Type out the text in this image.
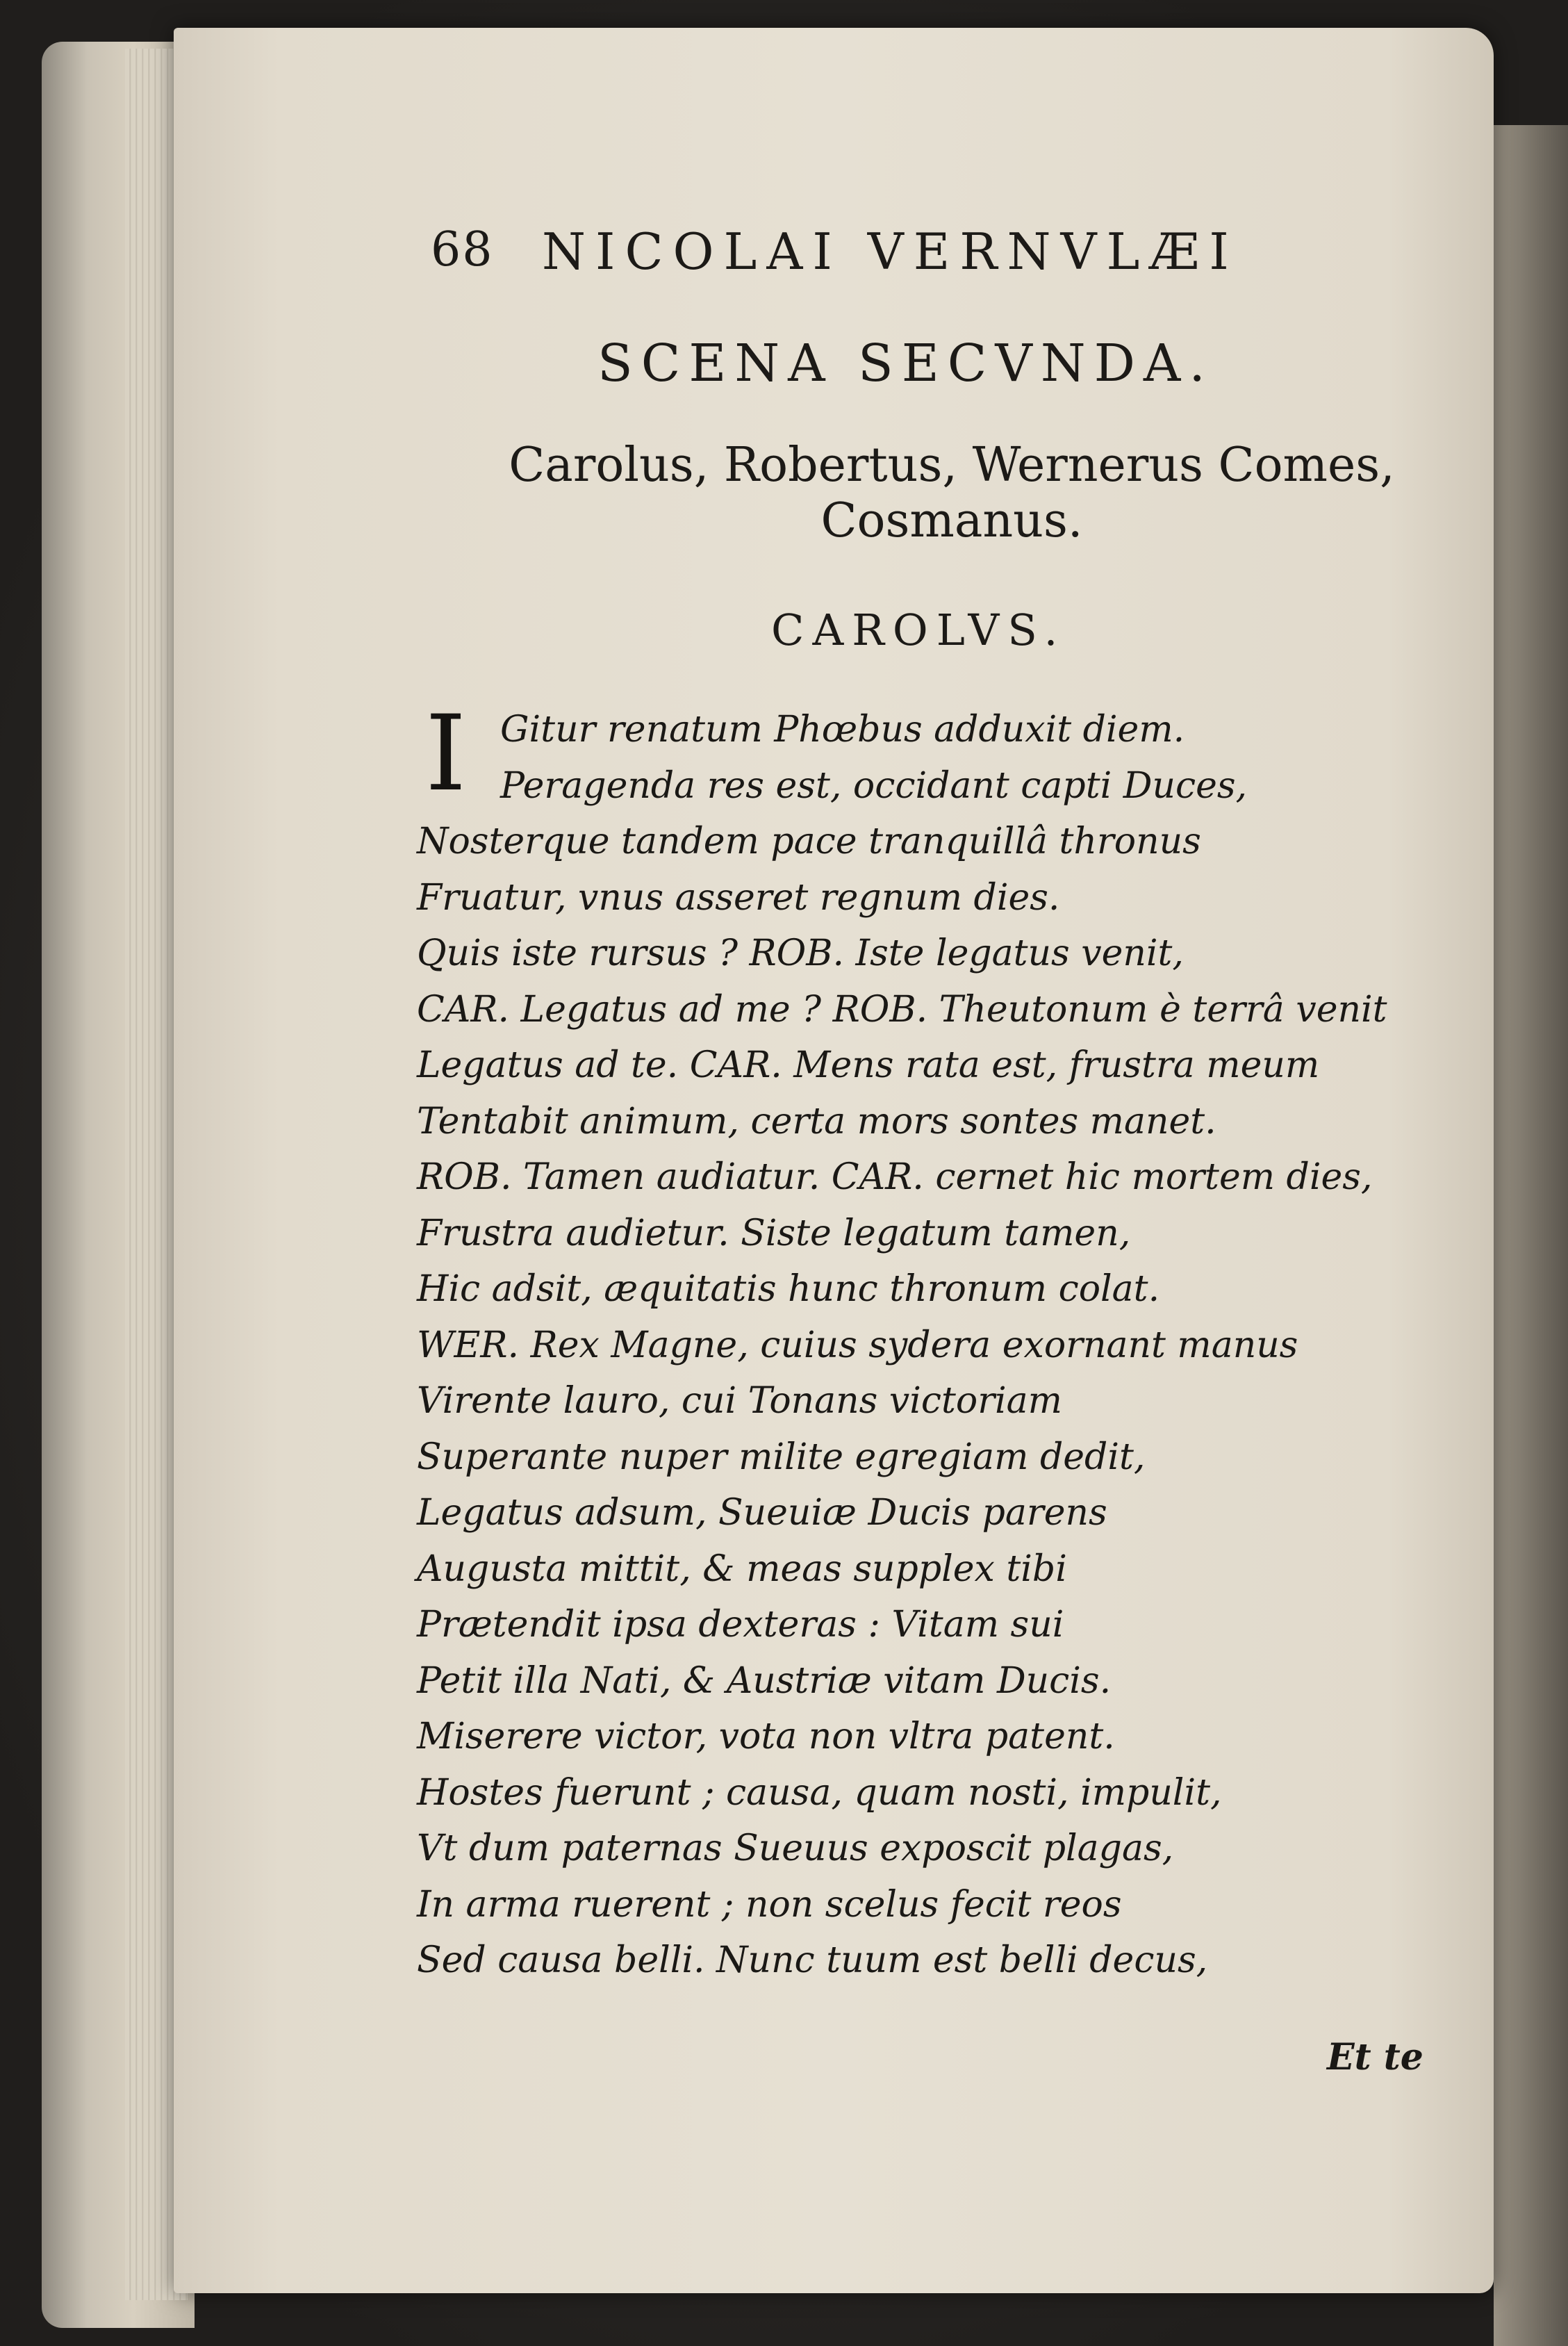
68 NICOLAI VERNVLÆI
SCENA SECVNDA.
Carolus, Robertus, Wernerus Comes,
Cosmanus.
CAROLVS.
I Gitur renatum Phœbus adduxit diem.
Peragenda res est, occidant capti Duces,
Nosterque tandem pace tranquillâ thronus
Fruatur, vnus asseret regnum dies.
Quis iste rursus ? ROB. Iste legatus venit,
CAR. Legatus ad me ? ROB. Theutonum è terrâ venit
Legatus ad te. CAR. Mens rata est, frustra meum
Tentabit animum, certa mors sontes manet.
ROB. Tamen audiatur. CAR. cernet hic mortem dies,
Frustra audietur. Siste legatum tamen,
Hic adsit, æquitatis hunc thronum colat.
WER. Rex Magne, cuius sydera exornant manus
Virente lauro, cui Tonans victoriam
Superante nuper milite egregiam dedit,
Legatus adsum, Sueuiæ Ducis parens
Augusta mittit, & meas supplex tibi
Prætendit ipsa dexteras : Vitam sui
Petit illa Nati, & Austriæ vitam Ducis.
Miserere victor, vota non vltra patent.
Hostes fuerunt ; causa, quam nosti, impulit,
Vt dum paternas Sueuus exposcit plagas,
In arma ruerent ; non scelus fecit reos
Sed causa belli. Nunc tuum est belli decus,
Et te
